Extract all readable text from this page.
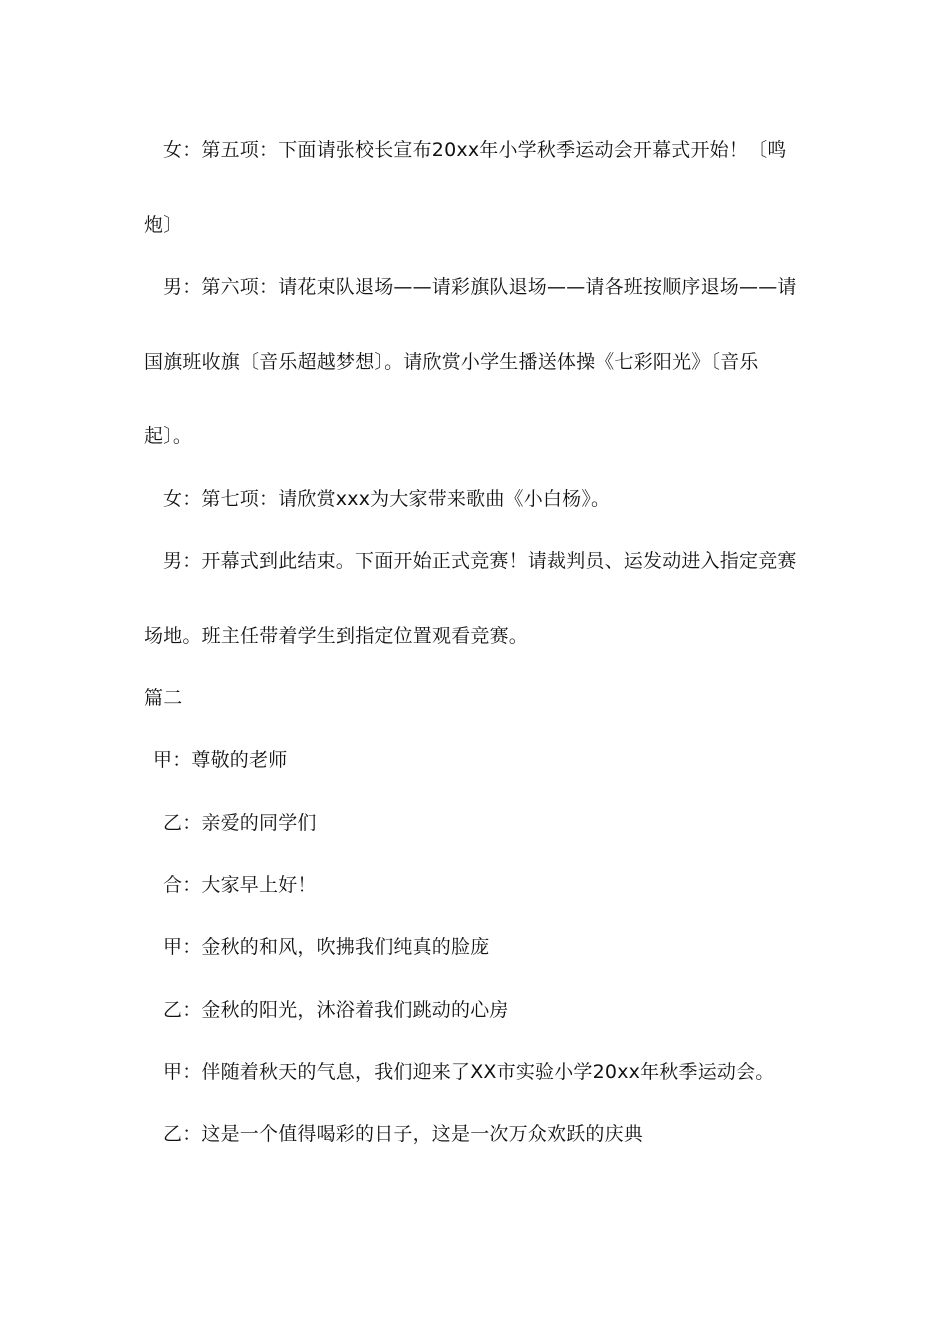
女：第五项：下面请张校长宣布20xx年小学秋季运动会开幕式开始！〔鸣
炮〕
男：第六项：请花束队退场——请彩旗队退场——请各班按顺序退场——请
国旗班收旗〔音乐超越梦想〕。请欣赏小学生播送体操《七彩阳光》〔音乐
起〕。
女：第七项：请欣赏xxx为大家带来歌曲《小白杨》。
男：开幕式到此结束。下面开始正式竞赛！请裁判员、运发动进入指定竞赛
场地。班主任带着学生到指定位置观看竞赛。
篇二
甲：尊敬的老师
乙：亲爱的同学们
合：大家早上好！
甲：金秋的和风，吹拂我们纯真的脸庞
乙：金秋的阳光，沐浴着我们跳动的心房
甲：伴随着秋天的气息，我们迎来了XX市实验小学20xx年秋季运动会。
乙：这是一个值得喝彩的日子，这是一次万众欢跃的庆典
